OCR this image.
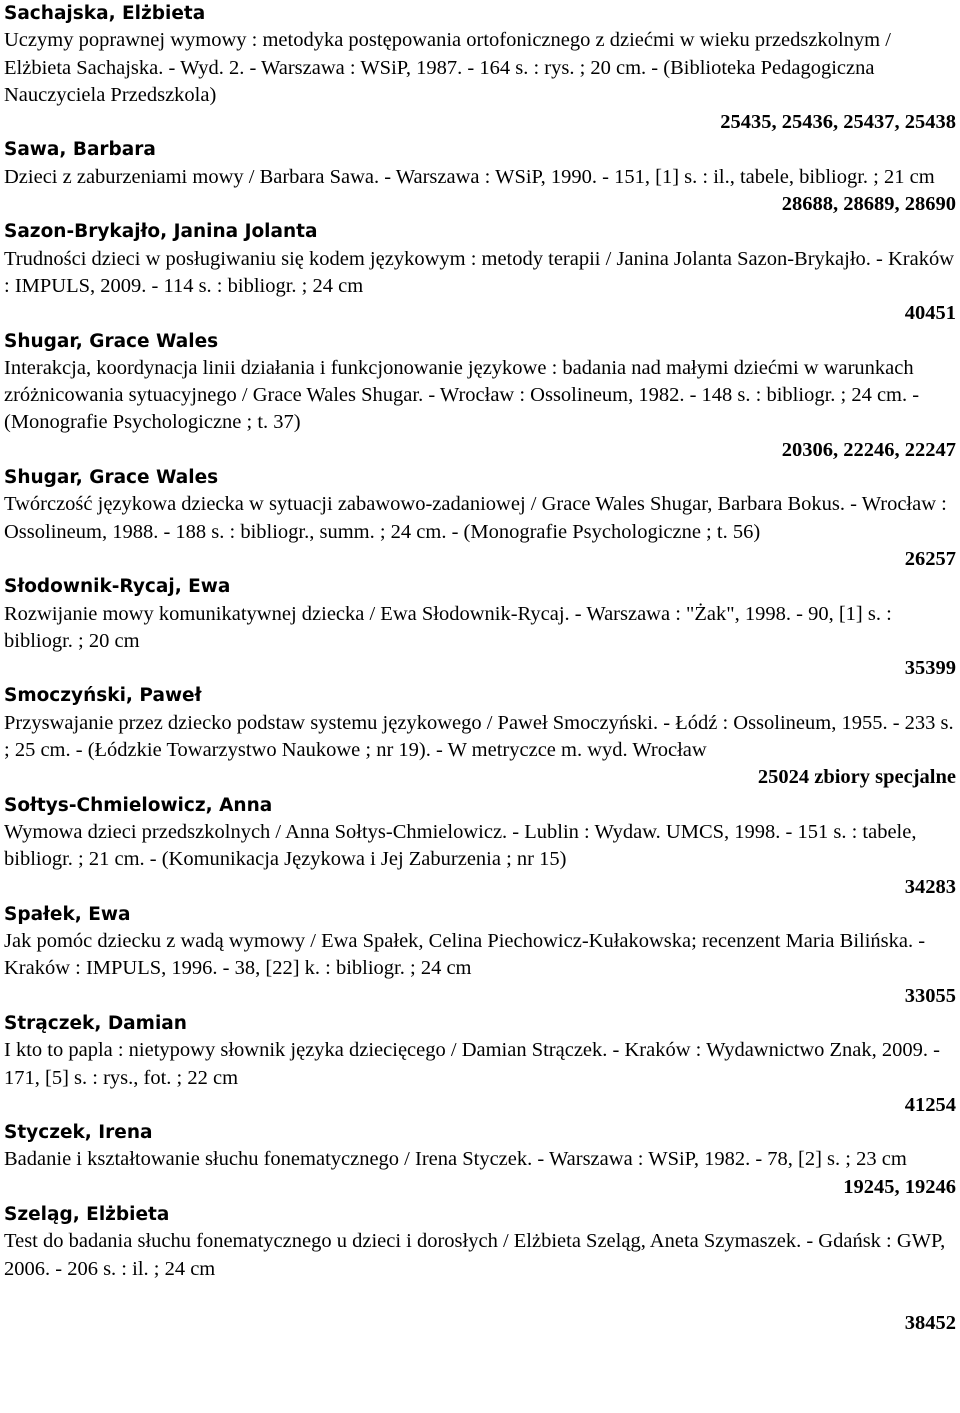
Sachajska, Elżbieta
Uczymy poprawnej wymowy : metodyka postępowania ortofonicznego z dziećmi w wieku przedszkolnym / Elżbieta Sachajska. - Wyd. 2. - Warszawa : WSiP, 1987. - 164 s. : rys. ; 20 cm. - (Biblioteka Pedagogiczna Nauczyciela Przedszkola)
25435, 25436, 25437, 25438
Sawa, Barbara
Dzieci z zaburzeniami mowy / Barbara Sawa. - Warszawa : WSiP, 1990. - 151, [1] s. : il., tabele, bibliogr. ; 21 cm
28688, 28689, 28690
Sazon-Brykajło, Janina Jolanta
Trudności dzieci w posługiwaniu się kodem językowym : metody terapii / Janina Jolanta Sazon-Brykajło. - Kraków : IMPULS, 2009. - 114 s. : bibliogr. ; 24 cm
40451
Shugar, Grace Wales
Interakcja, koordynacja linii działania i funkcjonowanie językowe : badania nad małymi dziećmi w warunkach zróżnicowania sytuacyjnego / Grace Wales Shugar. - Wrocław : Ossolineum, 1982. - 148 s. : bibliogr. ; 24 cm. - (Monografie Psychologiczne ; t. 37)
20306, 22246, 22247
Shugar, Grace Wales
Twórczość językowa dziecka w sytuacji zabawowo-zadaniowej / Grace Wales Shugar, Barbara Bokus. - Wrocław : Ossolineum, 1988. - 188 s. : bibliogr., summ. ; 24 cm. - (Monografie Psychologiczne ; t. 56)
26257
Słodownik-Rycaj, Ewa
Rozwijanie mowy komunikatywnej dziecka / Ewa Słodownik-Rycaj. - Warszawa : "Żak", 1998. - 90, [1] s. : bibliogr. ; 20 cm
35399
Smoczyński, Paweł
Przyswajanie przez dziecko podstaw systemu językowego / Paweł Smoczyński. - Łódź : Ossolineum, 1955. - 233 s. ; 25 cm. - (Łódzkie Towarzystwo Naukowe ; nr 19). - W metryczce m. wyd. Wrocław
25024 zbiory specjalne
Sołtys-Chmielowicz, Anna
Wymowa dzieci przedszkolnych / Anna Sołtys-Chmielowicz. - Lublin : Wydaw. UMCS, 1998. - 151 s. : tabele, bibliogr. ; 21 cm. - (Komunikacja Językowa i Jej Zaburzenia ; nr 15)
34283
Spałek, Ewa
Jak pomóc dziecku z wadą wymowy / Ewa Spałek, Celina Piechowicz-Kułakowska; recenzent Maria Bilińska. - Kraków : IMPULS, 1996. - 38, [22] k. : bibliogr. ; 24 cm
33055
Strączek, Damian
I kto to papla : nietypowy słownik języka dziecięcego / Damian Strączek. - Kraków : Wydawnictwo Znak, 2009. - 171, [5] s. : rys., fot. ; 22 cm
41254
Styczek, Irena
Badanie i kształtowanie słuchu fonematycznego / Irena Styczek. - Warszawa : WSiP, 1982. - 78, [2] s. ; 23 cm
19245, 19246
Szeląg, Elżbieta
Test do badania słuchu fonematycznego u dzieci i dorosłych / Elżbieta Szeląg, Aneta Szymaszek. - Gdańsk : GWP, 2006. - 206 s. : il. ; 24 cm
38452
